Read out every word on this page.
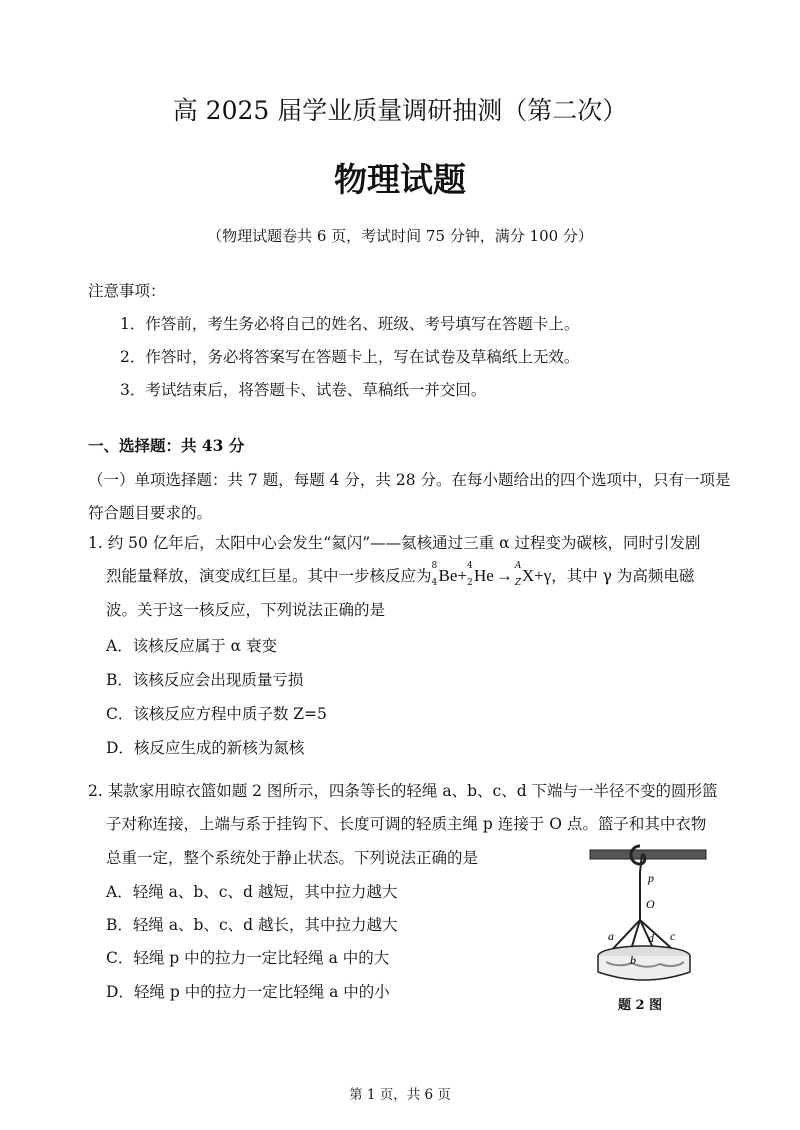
高 2025 届学业质量调研抽测（第二次）
物理试题
（物理试题卷共 6 页，考试时间 75 分钟，满分 100 分）
注意事项：
1．作答前，考生务必将自己的姓名、班级、考号填写在答题卡上。
2．作答时，务必将答案写在答题卡上，写在试卷及草稿纸上无效。
3．考试结束后，将答题卡、试卷、草稿纸一并交回。
一、选择题：共 43 分
（一）单项选择题：共 7 题，每题 4 分，共 28 分。在每小题给出的四个选项中，只有一项是
符合题目要求的。
1. 约 50 亿年后，太阳中心会发生“氦闪”——氦核通过三重 α 过程变为碳核，同时引发剧
烈能量释放，演变成红巨星。其中一步核反应为
8
4 Be+ 4
2 He → A
Z X+γ，其中 γ 为高频电磁
波。关于这一核反应，下列说法正确的是
A．该核反应属于 α 衰变
B．该核反应会出现质量亏损
C．该核反应方程中质子数 Z=5
D．核反应生成的新核为氮核
2. 某款家用晾衣篮如题 2 图所示，四条等长的轻绳 a、b、c、d 下端与一半径不变的圆形篮
子对称连接，上端与系于挂钩下、长度可调的轻质主绳 p 连接于 O 点。篮子和其中衣物
总重一定，整个系统处于静止状态。下列说法正确的是
A．轻绳 a、b、c、d 越短，其中拉力越大
B．轻绳 a、b、c、d 越长，其中拉力越大
C．轻绳 p 中的拉力一定比轻绳 a 中的大
D．轻绳 p 中的拉力一定比轻绳 a 中的小
p
O
a	d c
b
题 2 图
第 1 页，共 6 页
